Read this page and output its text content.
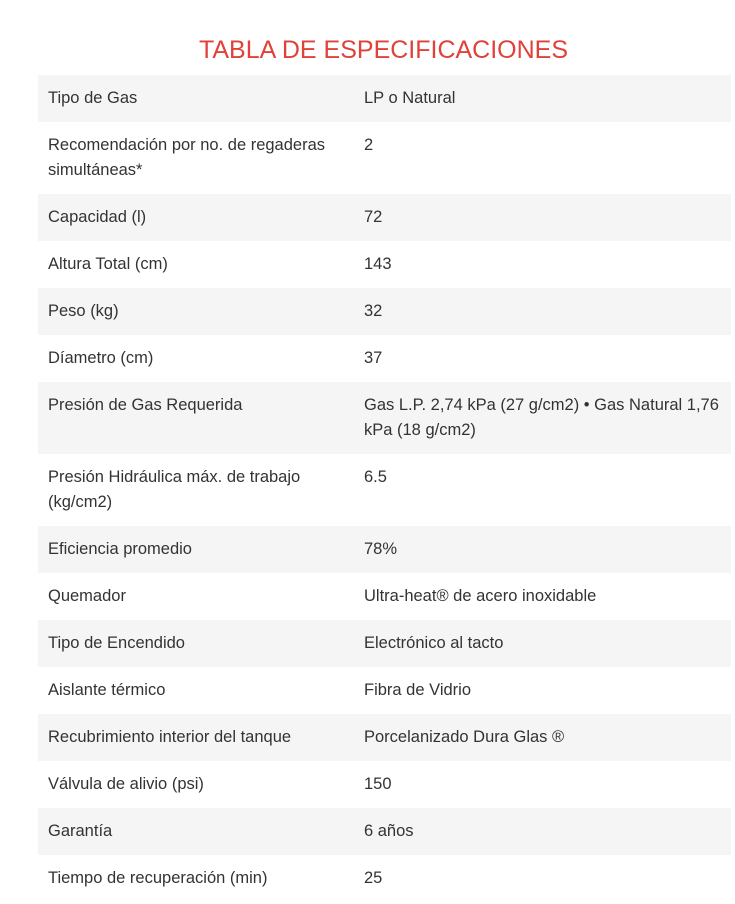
TABLA DE ESPECIFICACIONES
Tipo de Gas	LP o Natural
Recomendación por no. de regaderas simultáneas*	2
Capacidad (l)	72
Altura Total (cm)	143
Peso (kg)	32
Díametro (cm)	37
Presión de Gas Requerida	Gas L.P. 2,74 kPa (27 g/cm2) • Gas Natural 1,76 kPa (18 g/cm2)
Presión Hidráulica máx. de trabajo (kg/cm2)	6.5
Eficiencia promedio	78%
Quemador	Ultra-heat® de acero inoxidable
Tipo de Encendido	Electrónico al tacto
Aislante térmico	Fibra de Vidrio
Recubrimiento interior del tanque	Porcelanizado Dura Glas ®
Válvula de alivio (psi)	150
Garantía	6 años
Tiempo de recuperación (min)	25
